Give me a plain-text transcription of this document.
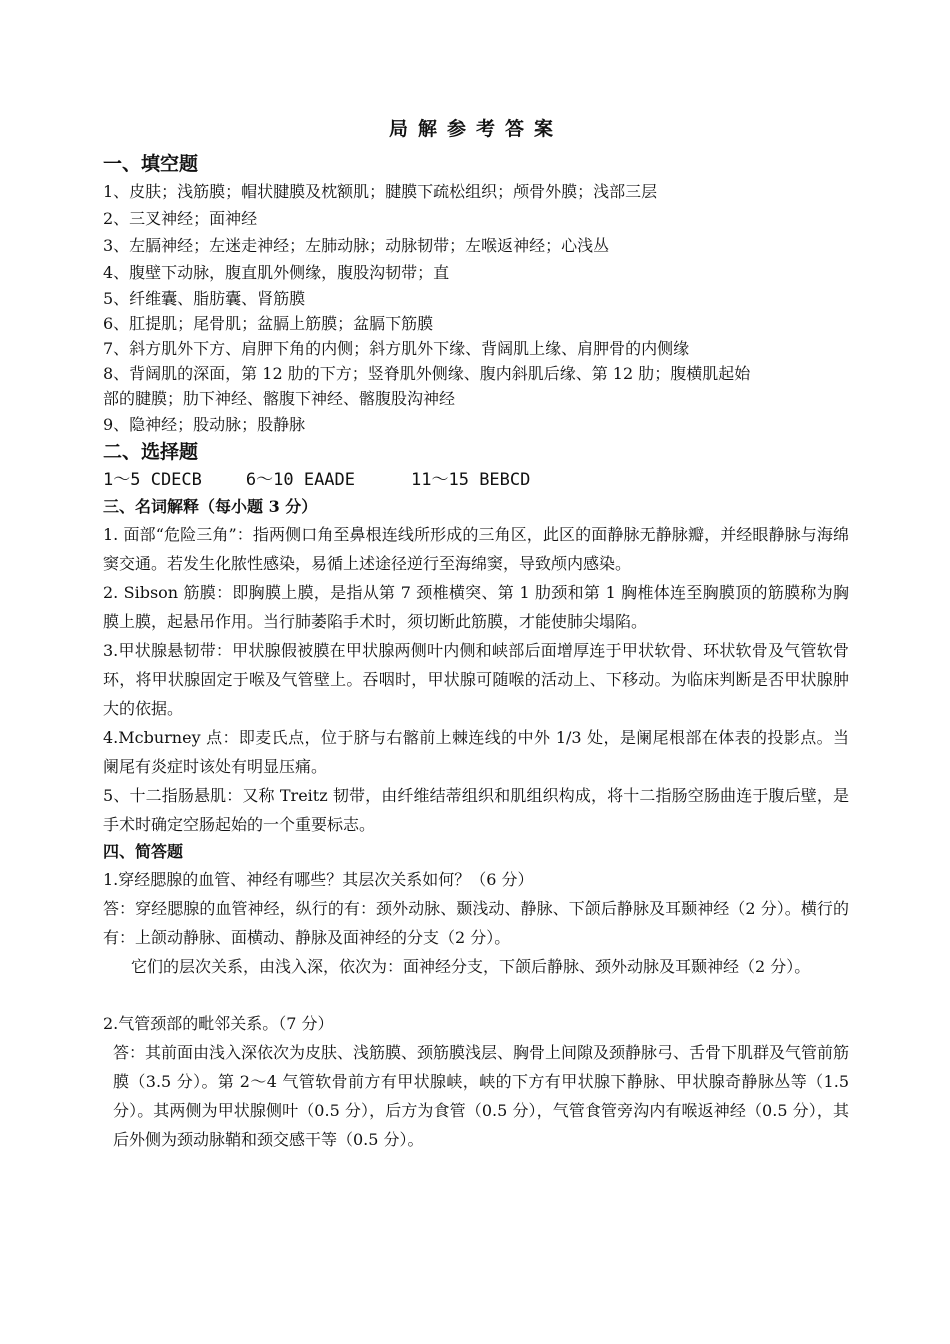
局解参考答案
一、填空题
1、皮肤；浅筋膜；帽状腱膜及枕额肌；腱膜下疏松组织；颅骨外膜；浅部三层
2、三叉神经；面神经
3、左膈神经；左迷走神经；左肺动脉；动脉韧带；左喉返神经；心浅丛
4、腹壁下动脉，腹直肌外侧缘，腹股沟韧带；直
5、纤维囊、脂肪囊、肾筋膜
6、肛提肌；尾骨肌；盆膈上筋膜；盆膈下筋膜
7、斜方肌外下方、肩胛下角的内侧；斜方肌外下缘、背阔肌上缘、肩胛骨的内侧缘
8、背阔肌的深面，第 12 肋的下方；竖脊肌外侧缘、腹内斜肌后缘、第 12 肋；腹横肌起始
部的腱膜；肋下神经、髂腹下神经、髂腹股沟神经
9、隐神经；股动脉；股静脉
二、选择题
1～5 CDECB	6～10 EAADE	11～15 BEBCD
三、名词解释（每小题 3 分）
1. 面部“危险三角”：指两侧口角至鼻根连线所形成的三角区，此区的面静脉无静脉瓣，并经眼静脉与海绵窦交通。若发生化脓性感染，易循上述途径逆行至海绵窦，导致颅内感染。
2. Sibson 筋膜：即胸膜上膜，是指从第 7 颈椎横突、第 1 肋颈和第 1 胸椎体连至胸膜顶的筋膜称为胸膜上膜，起悬吊作用。当行肺萎陷手术时，须切断此筋膜，才能使肺尖塌陷。
3.甲状腺悬韧带：甲状腺假被膜在甲状腺两侧叶内侧和峡部后面增厚连于甲状软骨、环状软骨及气管软骨环，将甲状腺固定于喉及气管壁上。吞咽时，甲状腺可随喉的活动上、下移动。为临床判断是否甲状腺肿大的依据。
4.Mcburney 点：即麦氏点，位于脐与右髂前上棘连线的中外 1/3 处，是阑尾根部在体表的投影点。当阑尾有炎症时该处有明显压痛。
5、十二指肠悬肌：又称 Treitz 韧带，由纤维结蒂组织和肌组织构成，将十二指肠空肠曲连于腹后壁，是手术时确定空肠起始的一个重要标志。
四、简答题
1.穿经腮腺的血管、神经有哪些？其层次关系如何？（6 分）
答：穿经腮腺的血管神经，纵行的有：颈外动脉、颞浅动、静脉、下颌后静脉及耳颞神经（2 分）。横行的有：上颌动静脉、面横动、静脉及面神经的分支（2 分）。
它们的层次关系，由浅入深，依次为：面神经分支，下颌后静脉、颈外动脉及耳颞神经（2 分）。
2.气管颈部的毗邻关系。（7 分）
答：其前面由浅入深依次为皮肤、浅筋膜、颈筋膜浅层、胸骨上间隙及颈静脉弓、舌骨下肌群及气管前筋膜（3.5 分）。第 2～4 气管软骨前方有甲状腺峡，峡的下方有甲状腺下静脉、甲状腺奇静脉丛等（1.5 分）。其两侧为甲状腺侧叶（0.5 分），后方为食管（0.5 分），气管食管旁沟内有喉返神经（0.5 分），其后外侧为颈动脉鞘和颈交感干等（0.5 分）。
